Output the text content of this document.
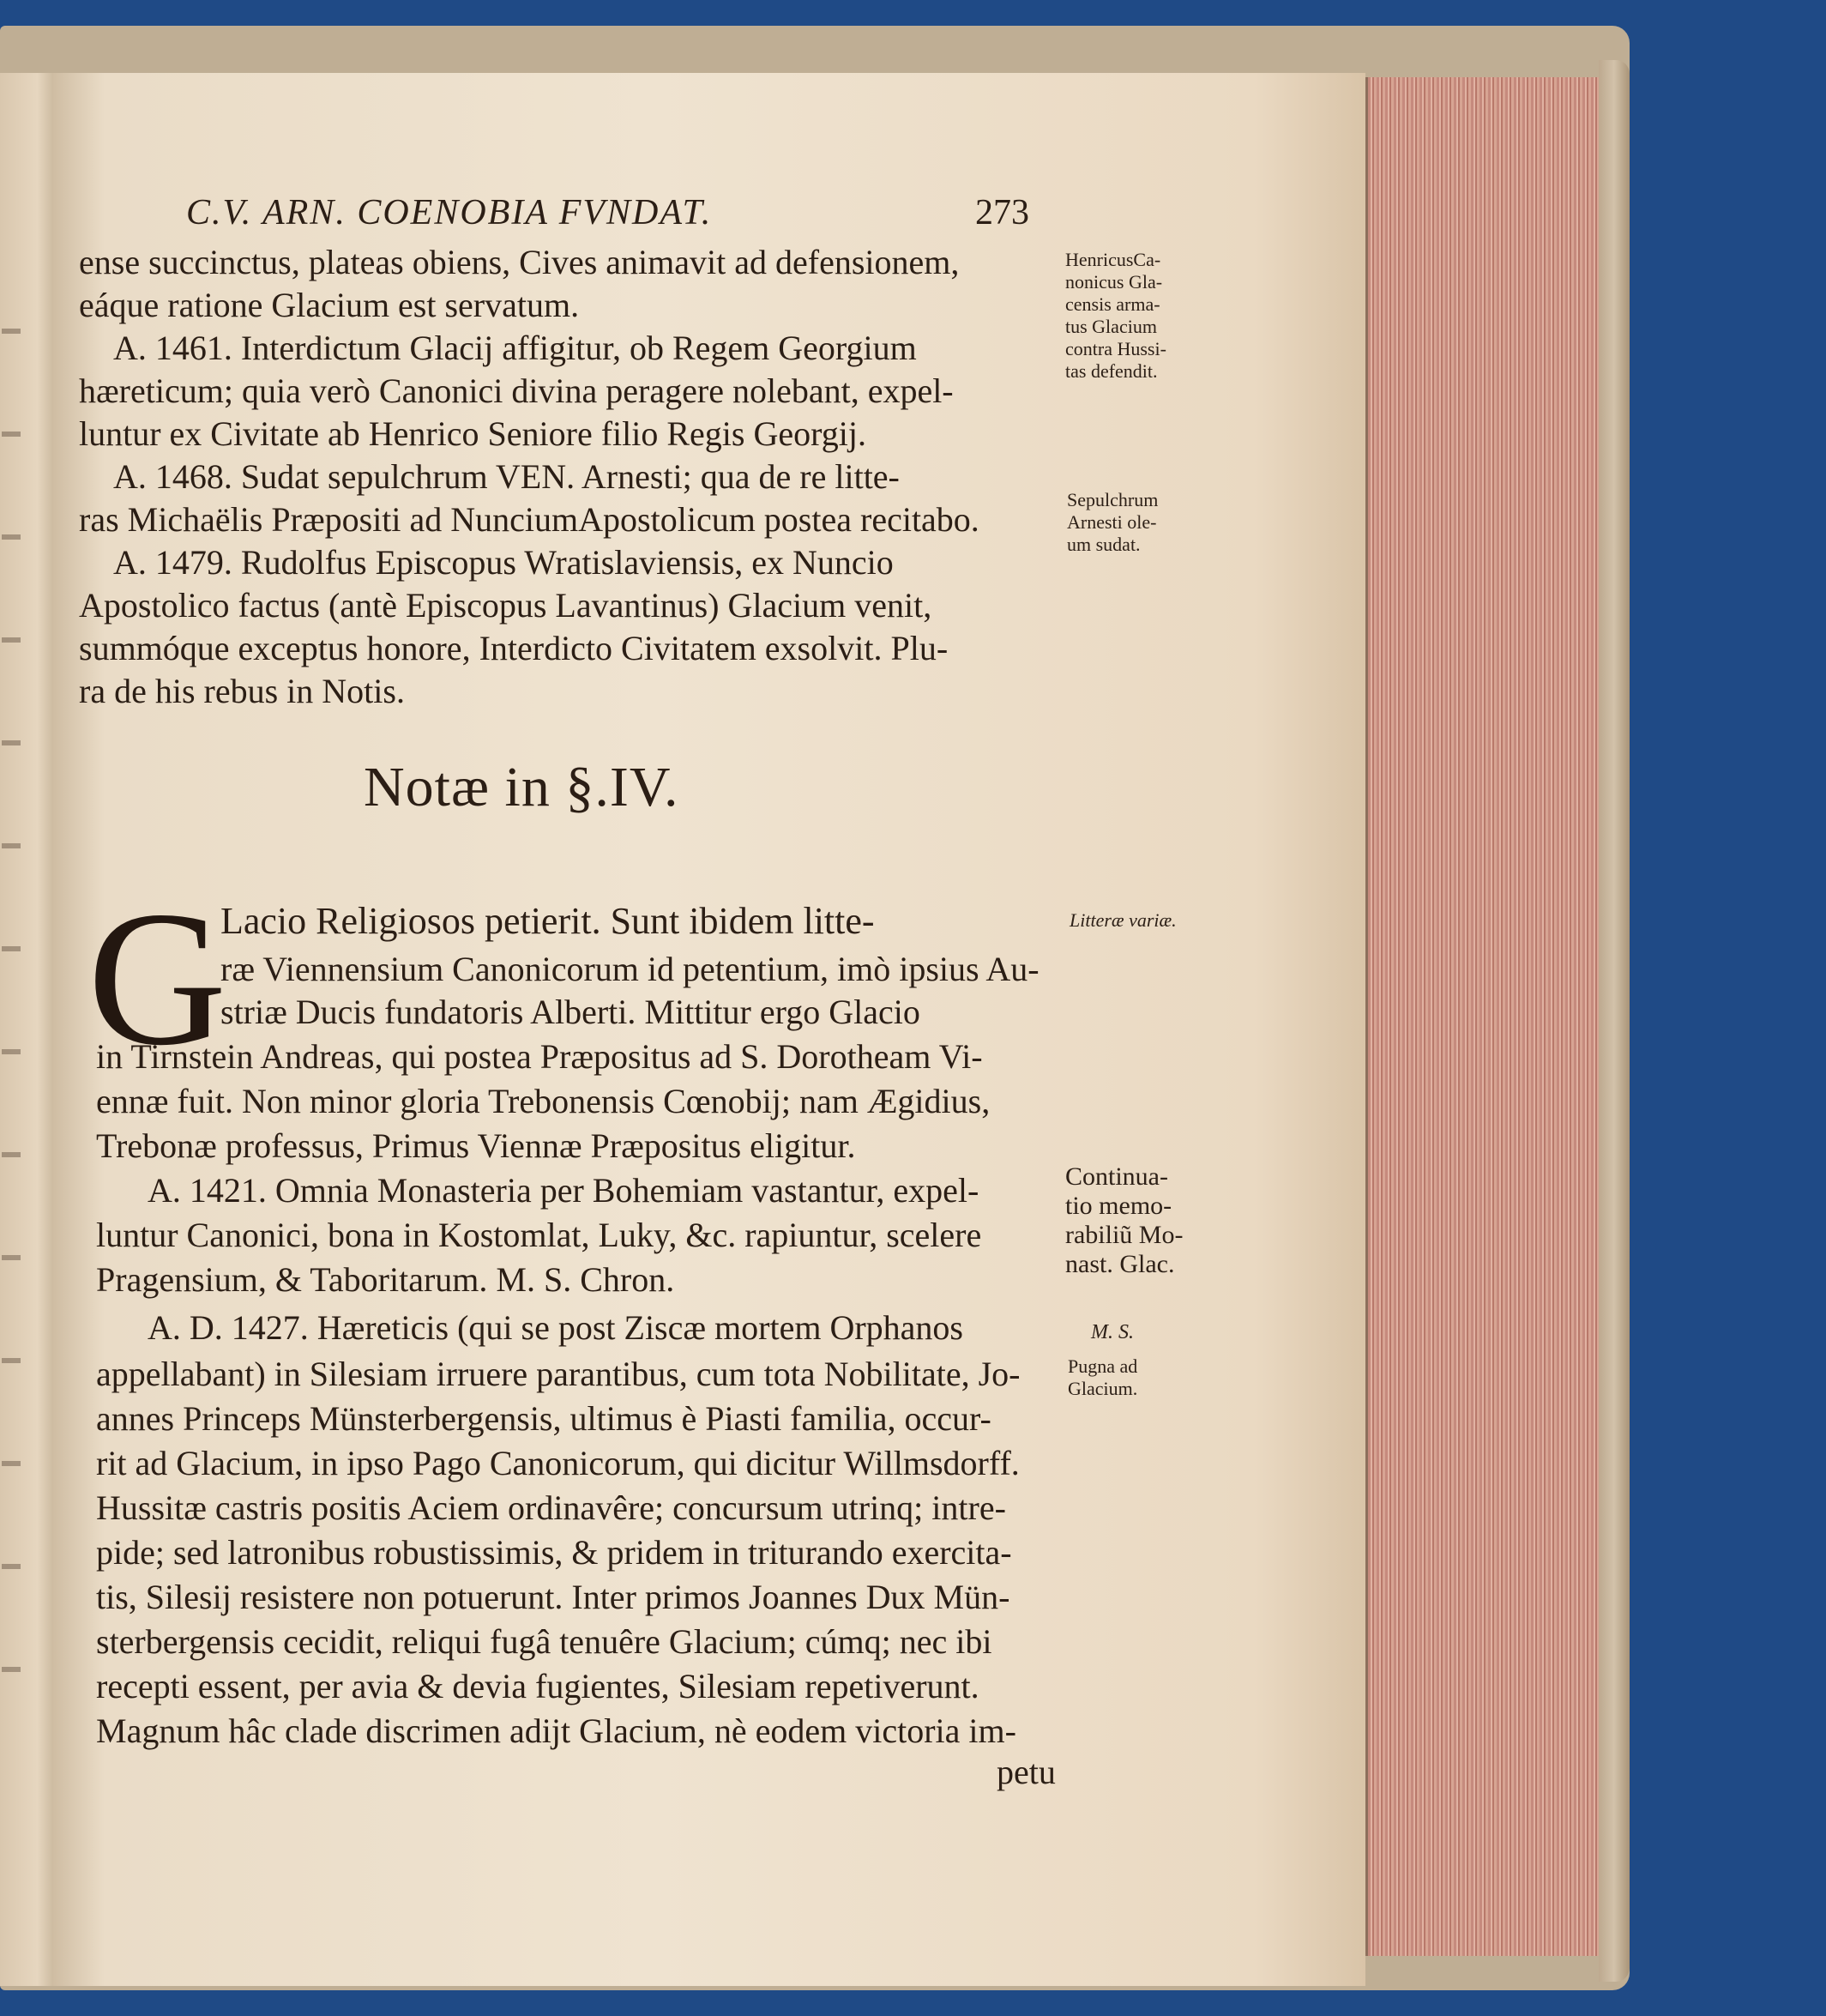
C.V. ARN. COENOBIA FVNDAT.	273
ense succinctus, plateas obiens, Cives animavit ad defensionem,
eáque ratione Glacium est servatum.
A. 1461. Interdictum Glacij affigitur, ob Regem Georgium
hæreticum; quia verò Canonici divina peragere nolebant, expel-
luntur ex Civitate ab Henrico Seniore filio Regis Georgij.
A. 1468. Sudat sepulchrum VEN. Arnesti; qua de re litte-
ras Michaëlis Præpositi ad NunciumApostolicum postea recitabo.
A. 1479. Rudolfus Episcopus Wratislaviensis, ex Nuncio
Apostolico factus (antè Episcopus Lavantinus) Glacium venit,
summóque exceptus honore, Interdicto Civitatem exsolvit. Plu-
ra de his rebus in Notis.
Notæ in §.IV.
G
Lacio Religiosos petierit. Sunt ibidem litte-
ræ Viennensium Canonicorum id petentium, imò ipsius Au-
striæ Ducis fundatoris Alberti. Mittitur ergo Glacio
in Tirnstein Andreas, qui postea Præpositus ad S. Dorotheam Vi-
ennæ fuit. Non minor gloria Trebonensis Cœnobij; nam Ægidius,
Trebonæ professus, Primus Viennæ Præpositus eligitur.
A. 1421. Omnia Monasteria per Bohemiam vastantur, expel-
luntur Canonici, bona in Kostomlat, Luky, &c. rapiuntur, scelere
Pragensium, & Taboritarum. M. S. Chron.
A. D. 1427. Hæreticis (qui se post Ziscæ mortem Orphanos
appellabant) in Silesiam irruere parantibus, cum tota Nobilitate, Jo-
annes Princeps Münsterbergensis, ultimus è Piasti familia, occur-
rit ad Glacium, in ipso Pago Canonicorum, qui dicitur Willmsdorff.
Hussitæ castris positis Aciem ordinavêre; concursum utrinq; intre-
pide; sed latronibus robustissimis, & pridem in triturando exercita-
tis, Silesij resistere non potuerunt. Inter primos Joannes Dux Mün-
sterbergensis cecidit, reliqui fugâ tenuêre Glacium; cúmq; nec ibi
recepti essent, per avia & devia fugientes, Silesiam repetiverunt.
Magnum hâc clade discrimen adijt Glacium, nè eodem victoria im-
petu
HenricusCa-
nonicus Gla-
censis arma-
tus Glacium
contra Hussi-
tas defendit.
Sepulchrum
Arnesti ole-
um sudat.
Litteræ variæ.
Continua-
tio memo-
rabiliũ Mo-
nast. Glac.
M. S.
Pugna ad
Glacium.
